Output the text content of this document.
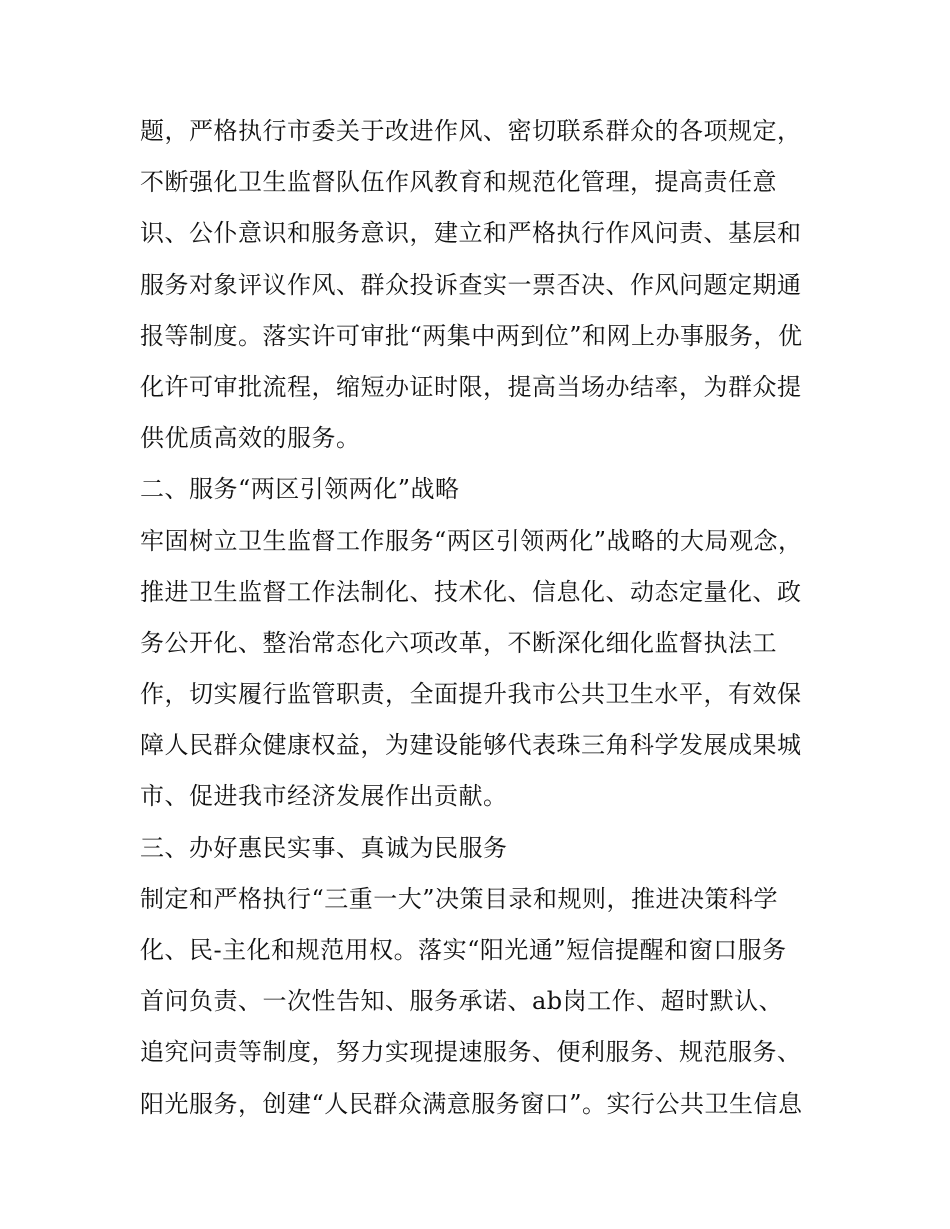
题，严格执行市委关于改进作风、密切联系群众的各项规定，
不断强化卫生监督队伍作风教育和规范化管理，提高责任意
识、公仆意识和服务意识，建立和严格执行作风问责、基层和
服务对象评议作风、群众投诉查实一票否决、作风问题定期通
报等制度。落实许可审批“两集中两到位”和网上办事服务，优
化许可审批流程，缩短办证时限，提高当场办结率，为群众提
供优质高效的服务。
二、服务“两区引领两化”战略
牢固树立卫生监督工作服务“两区引领两化”战略的大局观念，
推进卫生监督工作法制化、技术化、信息化、动态定量化、政
务公开化、整治常态化六项改革，不断深化细化监督执法工
作，切实履行监管职责，全面提升我市公共卫生水平，有效保
障人民群众健康权益，为建设能够代表珠三角科学发展成果城
市、促进我市经济发展作出贡献。
三、办好惠民实事、真诚为民服务
制定和严格执行“三重一大”决策目录和规则，推进决策科学
化、民-主化和规范用权。落实“阳光通”短信提醒和窗口服务
首问负责、一次性告知、服务承诺、ab岗工作、超时默认、
追究问责等制度，努力实现提速服务、便利服务、规范服务、
阳光服务，创建“人民群众满意服务窗口”。实行公共卫生信息
